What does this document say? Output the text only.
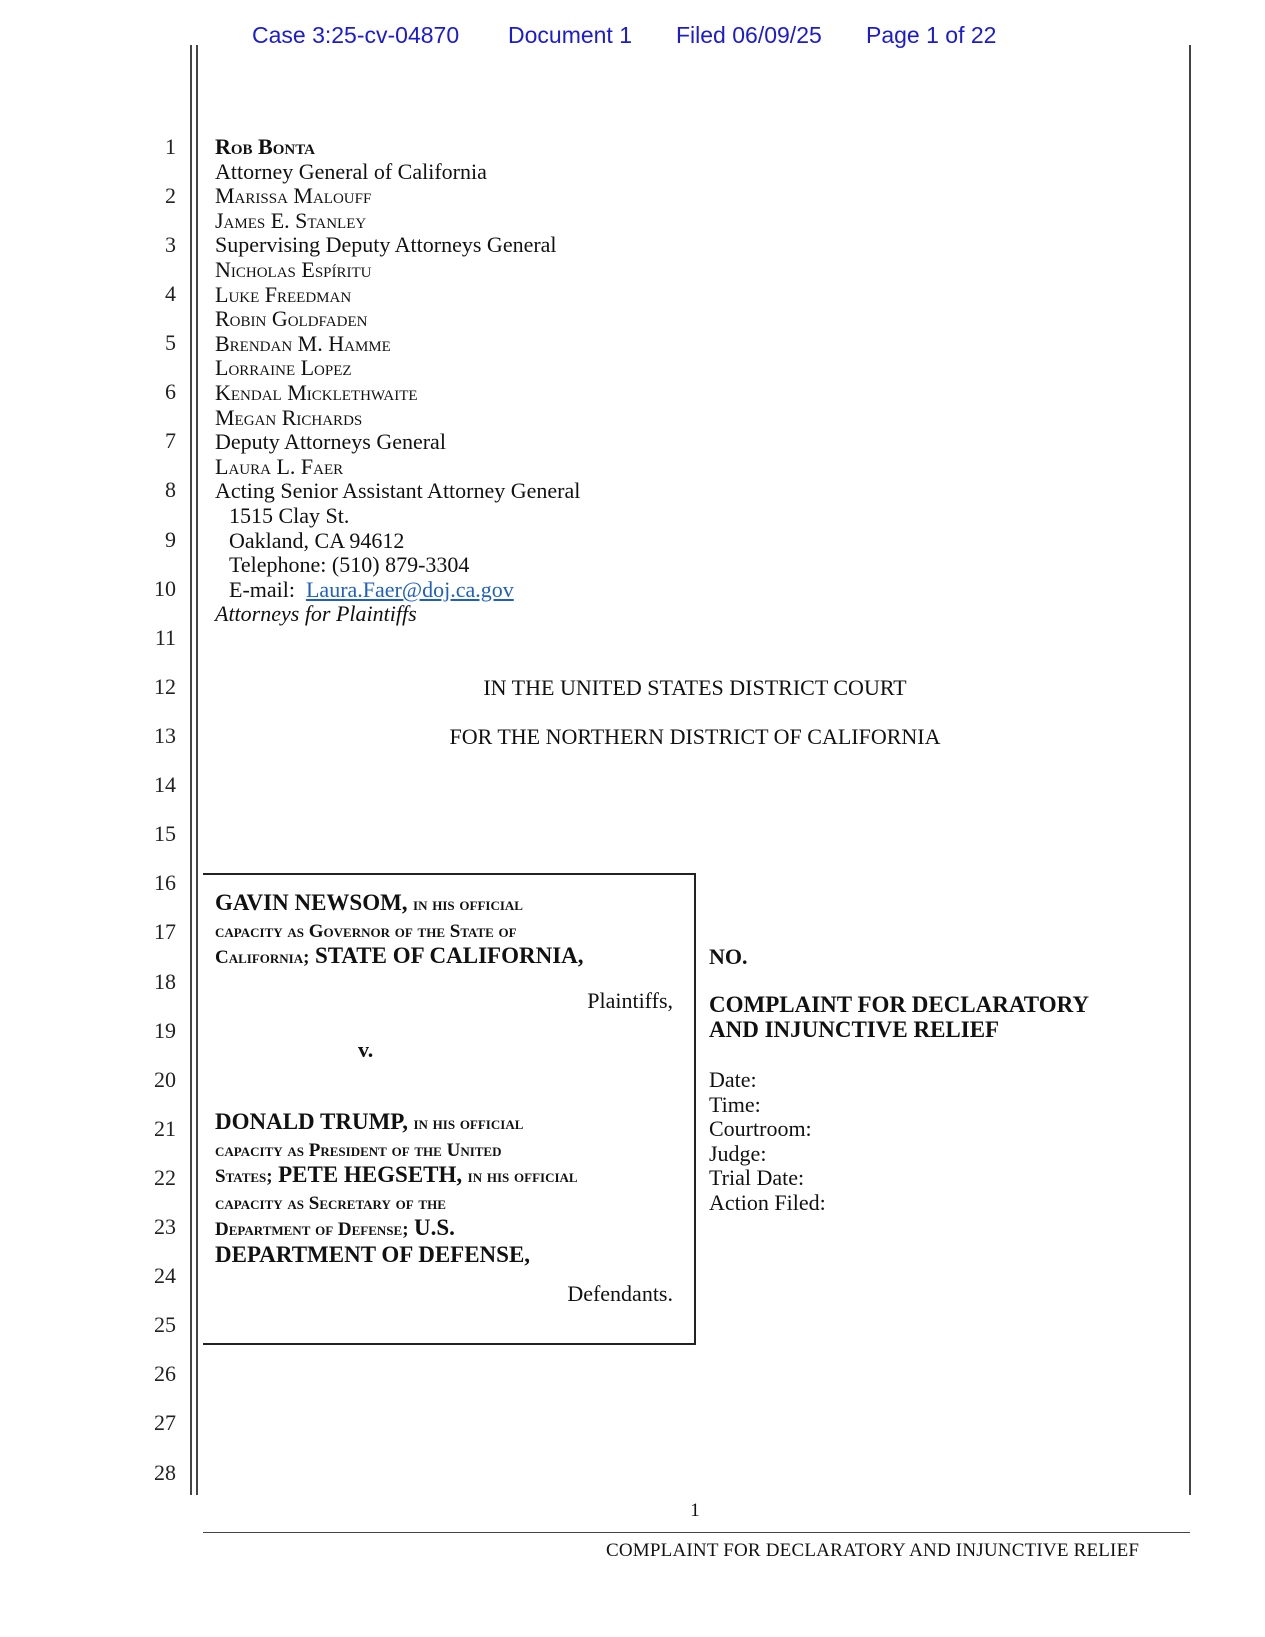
Case 3:25-cv-04870 Document 1 Filed 06/09/25 Page 1 of 22
1
2
3
4
5
6
7
8
9
10
11
12
13
14
15
16
17
18
19
20
21
22
23
24
25
26
27
28
Rob Bonta
Attorney General of California
Marissa Malouff
James E. Stanley
Supervising Deputy Attorneys General
Nicholas Espíritu
Luke Freedman
Robin Goldfaden
Brendan M. Hamme
Lorraine Lopez
Kendal Micklethwaite
Megan Richards
Deputy Attorneys General
Laura L. Faer
Acting Senior Assistant Attorney General
1515 Clay St.
Oakland, CA 94612
Telephone: (510) 879-3304
E-mail: Laura.Faer@doj.ca.gov
Attorneys for Plaintiffs
IN THE UNITED STATES DISTRICT COURT
FOR THE NORTHERN DISTRICT OF CALIFORNIA
GAVIN NEWSOM, in his official
capacity as Governor of the State of
California; STATE OF CALIFORNIA,
Plaintiffs,
v.
DONALD TRUMP, in his official
capacity as President of the United
States; PETE HEGSETH, in his official
capacity as Secretary of the
Department of Defense; U.S.
DEPARTMENT OF DEFENSE,
Defendants.
NO.
COMPLAINT FOR DECLARATORY
AND INJUNCTIVE RELIEF
Date:
Time:
Courtroom:
Judge:
Trial Date:
Action Filed:
1
COMPLAINT FOR DECLARATORY AND INJUNCTIVE RELIEF
